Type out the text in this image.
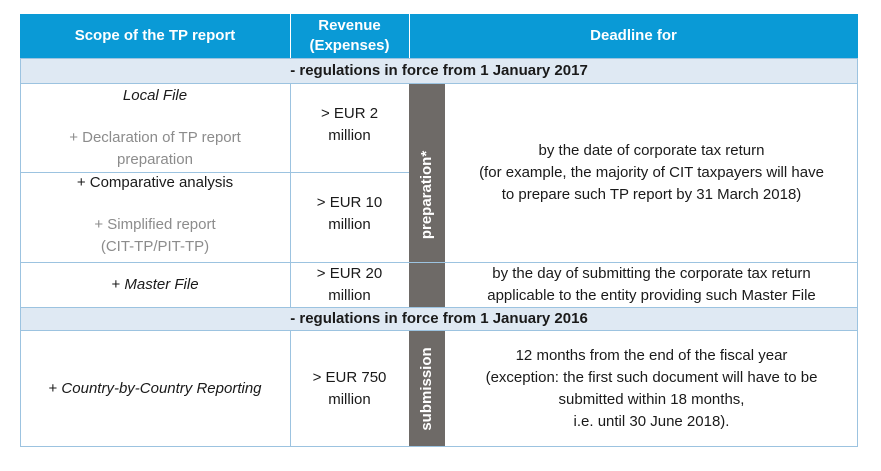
Scope of the TP report
Revenue
(Expenses)
Deadline for
- regulations in force from 1 January 2017
Local File
+ Declaration of TP report
preparation
> EUR 2
million
+ Comparative analysis
+ Simplified report
(CIT-TP/PIT-TP)
> EUR 10
million
by the date of corporate tax return
(for example, the majority of CIT taxpayers will have
to prepare such TP report by 31 March 2018)
+ Master File
> EUR 20
million
by the day of submitting the corporate tax return
applicable to the entity providing such Master File
preparation*
- regulations in force from 1 January 2016
+ Country-by-Country Reporting
> EUR 750
million	submission	12 months from the end of the fiscal year
(exception: the first such document will have to be
submitted within 18 months,
i.e. until 30 June 2018).
